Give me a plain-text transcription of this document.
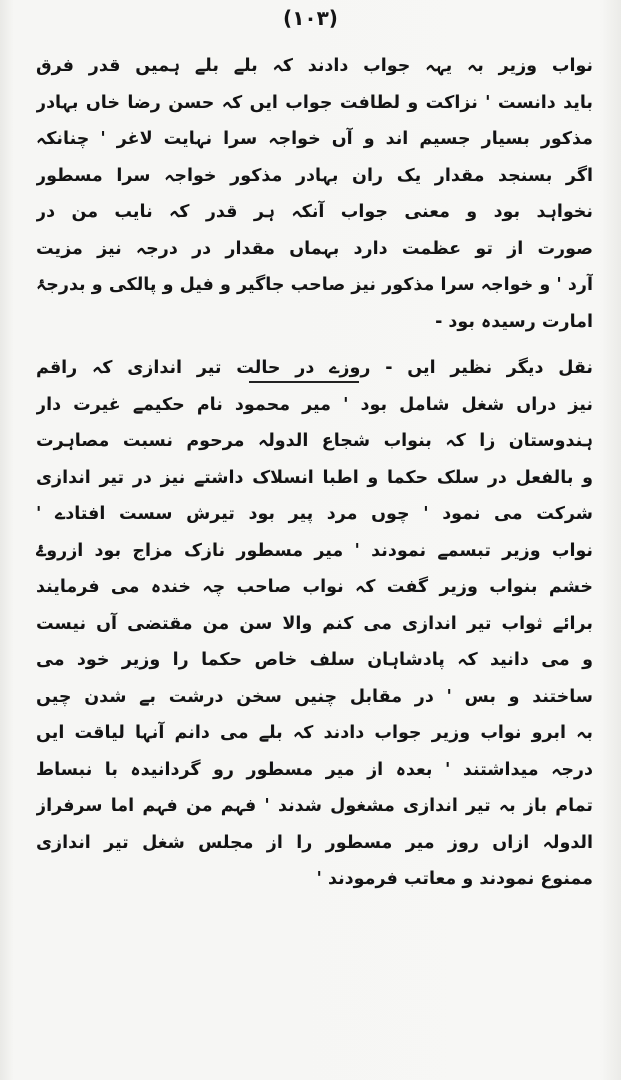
(۱۰۳)
نواب وزیر بہ یہہ جواب دادند کہ بلے بلے ہمیں قدر فرق
باید دانست ' نزاکت و لطافت جواب ایں کہ حسن رضا خاں بہادر
مذکور بسیار جسیم اند و آں خواجہ سرا نہایت لاغر ' چنانکہ
اگر بسنجد مقدار یک ران بہادر مذکور خواجہ سرا مسطور
نخواہد بود و معنی جواب آنکہ ہر قدر کہ نایب من در
صورت از تو عظمت دارد بہماں مقدار در درجہ نیز مزیت
آرد ' و خواجہ سرا مذکور نیز صاحب جاگیر و فیل و پالکی و بدرجۂ
امارت رسیدہ بود -
نقل دیگر نظیر ایں - روزے در حالت تیر اندازی کہ راقم
نیز دراں شغل شامل بود ' میر محمود نام حکیمے غیرت دار
ہندوستان زا کہ بنواب شجاع الدولہ مرحوم نسبت مصاہرت
و بالفعل در سلک حکما و اطبا انسلاک داشتے نیز در تیر اندازی
شرکت می نمود ' چوں مرد پیر بود تیرش سست افتادے '
نواب وزیر تبسمے نمودند ' میر مسطور نازک مزاج بود ازروۓ
خشم بنواب وزیر گفت کہ نواب صاحب چہ خندہ می فرمایند
برائے ثواب تیر اندازی می کنم والا سن من مقتضی آں نیست
و می دانید کہ پادشاہان سلف خاص حکما را وزیر خود می
ساختند و بس ' در مقابل چنیں سخن درشت بے شدن چیں
بہ ابرو نواب وزیر جواب دادند کہ بلے می دانم آنہا لیاقت ایں
درجہ میداشتند ' بعدہ از میر مسطور رو گردانیدہ با نبساط
تمام باز بہ تیر اندازی مشغول شدند ' فہم من فہم اما سرفراز
الدولہ ازاں روز میر مسطور را از مجلس شغل تیر اندازی
ممنوع نمودند و معاتب فرمودند '
